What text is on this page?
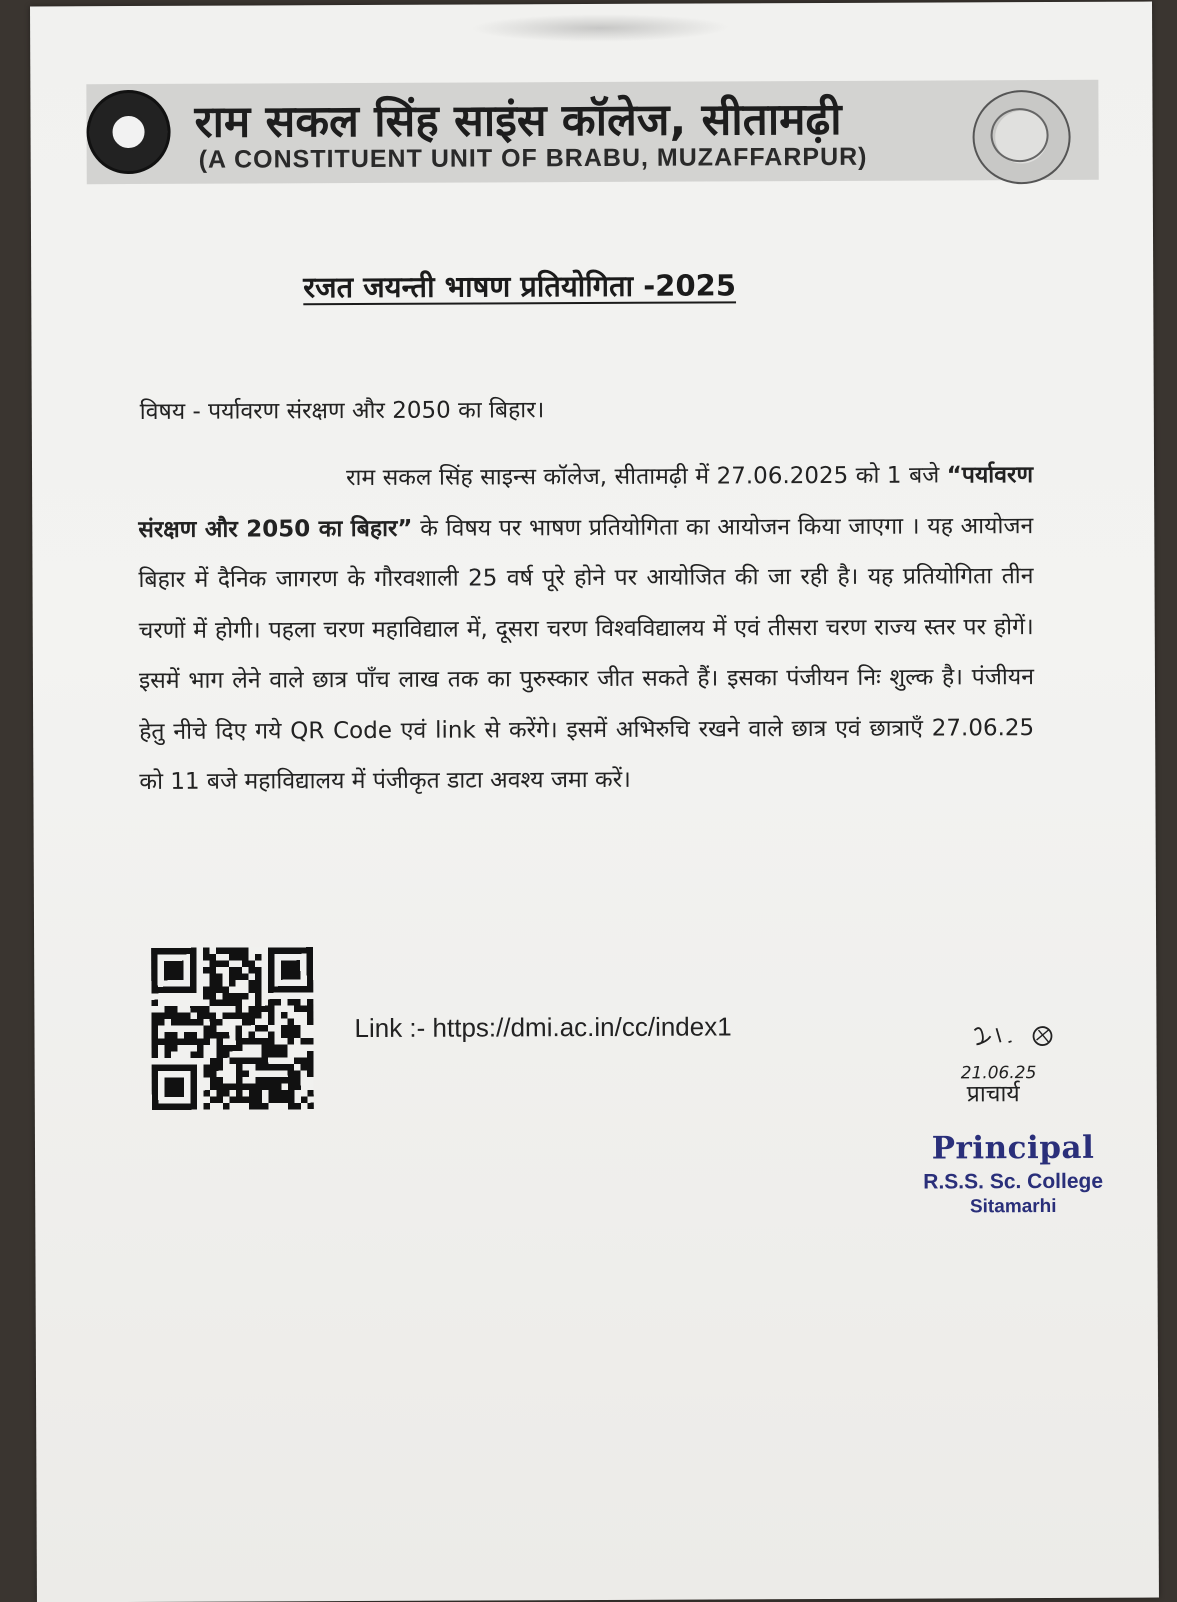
राम सकल सिंह साइंस कॉलेज, सीतामढ़ी
(A CONSTITUENT UNIT OF BRABU, MUZAFFARPUR)
रजत जयन्ती भाषण प्रतियोगिता -2025
विषय - पर्यावरण संरक्षण और 2050 का बिहार।
राम सकल सिंह साइन्स कॉलेज, सीतामढ़ी में 27.06.2025 को 1 बजे “पर्यावरण संरक्षण और 2050 का बिहार” के विषय पर भाषण प्रतियोगिता का आयोजन किया जाएगा । यह आयोजन बिहार में दैनिक जागरण के गौरवशाली 25 वर्ष पूरे होने पर आयोजित की जा रही है। यह प्रतियोगिता तीन चरणों में होगी। पहला चरण महाविद्याल में, दूसरा चरण विश्वविद्यालय में एवं तीसरा चरण राज्य स्तर पर होगें। इसमें भाग लेने वाले छात्र पाँच लाख तक का पुरुस्कार जीत सकते हैं। इसका पंजीयन निः शुल्क है। पंजीयन हेतु नीचे दिए गये QR Code एवं link से करेंगे। इसमें अभिरुचि रखने वाले छात्र एवं छात्राएँ 27.06.25 को 11 बजे महाविद्यालय में पंजीकृत डाटा अवश्य जमा करें।
Link :- https://dmi.ac.in/cc/index1
21.06.25
प्राचार्य
Principal
R.S.S. Sc. College
Sitamarhi
